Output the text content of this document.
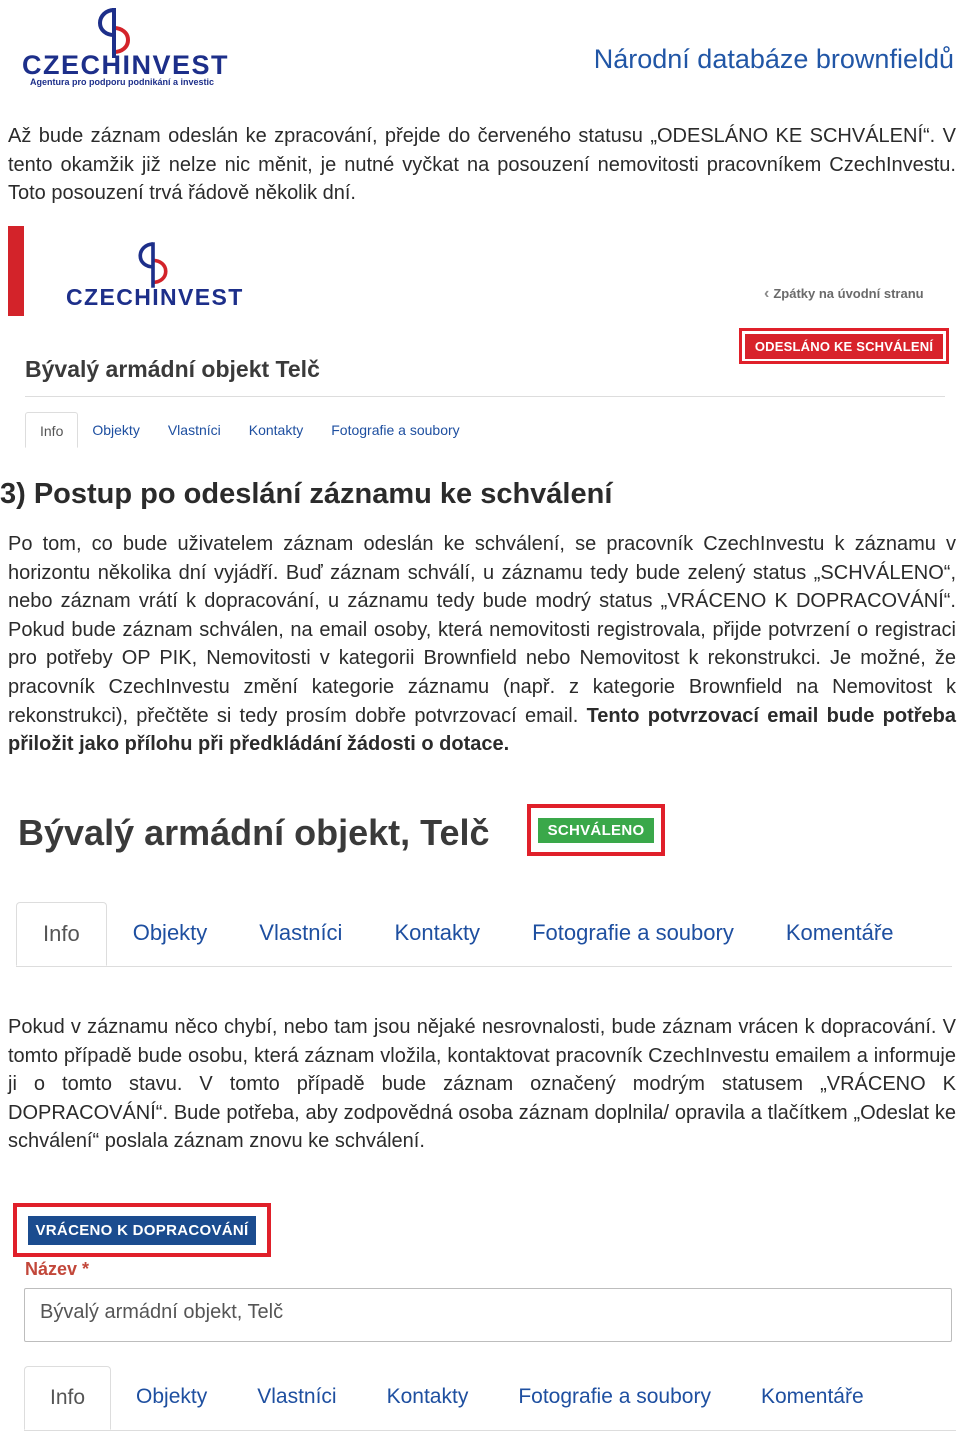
CZECHINVEST
Agentura pro podporu podnikání a investic
Národní databáze brownfieldů
Až bude záznam odeslán ke zpracování, přejde do červeného statusu „ODESLÁNO KE SCHVÁLENÍ“. V tento okamžik již nelze nic měnit, je nutné vyčkat na posouzení nemovitosti pracovníkem CzechInvestu. Toto posouzení trvá řádově několik dní.
CZECHINVEST	‹ Zpátky na úvodní stranu
ODESLÁNO KE SCHVÁLENÍ
Bývalý armádní objekt Telč
Info	Objekty	Vlastníci	Kontakty	Fotografie a soubory
3) Postup po odeslání záznamu ke schválení
Po tom, co bude uživatelem záznam odeslán ke schválení, se pracovník CzechInvestu k záznamu v horizontu několika dní vyjádří. Buď záznam schválí, u záznamu tedy bude zelený status „SCHVÁLENO“, nebo záznam vrátí k dopracování, u záznamu tedy bude modrý status „VRÁCENO K DOPRACOVÁNÍ“. Pokud bude záznam schválen, na email osoby, která nemovitosti registrovala, přijde potvrzení o registraci pro potřeby OP PIK, Nemovitosti v kategorii Brownfield nebo Nemovitost k rekonstrukci. Je možné, že pracovník CzechInvestu změní kategorie záznamu (např. z kategorie Brownfield na Nemovitost k rekonstrukci), přečtěte si tedy prosím dobře potvrzovací email. Tento potvrzovací email bude potřeba přiložit jako přílohu při předkládání žádosti o dotace.
Bývalý armádní objekt, Telč	SCHVÁLENO
Info	Objekty	Vlastníci	Kontakty	Fotografie a soubory	Komentáře
Pokud v záznamu něco chybí, nebo tam jsou nějaké nesrovnalosti, bude záznam vrácen k dopracování. V tomto případě bude osobu, která záznam vložila, kontaktovat pracovník CzechInvestu emailem a informuje ji o tomto stavu. V tomto případě bude záznam označený modrým statusem „VRÁCENO K DOPRACOVÁNÍ“. Bude potřeba, aby zodpovědná osoba záznam doplnila/ opravila a tlačítkem „Odeslat ke schválení“ poslala záznam znovu ke schválení.
VRÁCENO K DOPRACOVÁNÍ
Název *
Bývalý armádní objekt, Telč
Info	Objekty	Vlastníci	Kontakty	Fotografie a soubory	Komentáře
